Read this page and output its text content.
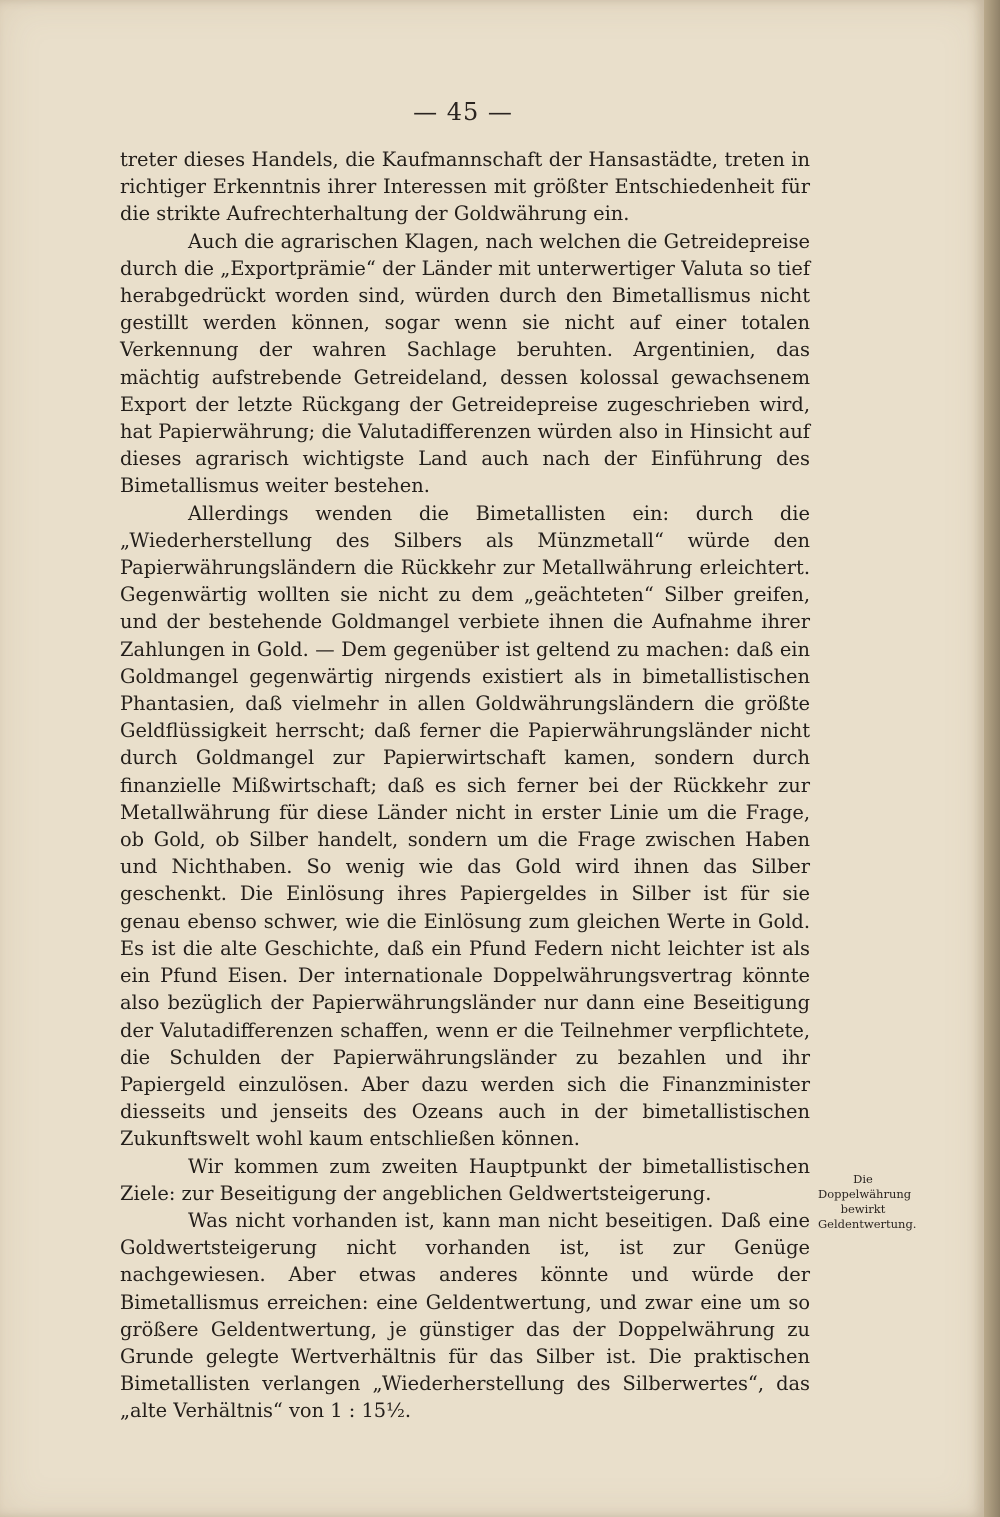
— 45 —

treter dieses Handels, die Kaufmannschaft der Hansastädte, treten in richtiger Erkenntnis ihrer Interessen mit größter Entschiedenheit für die strikte Aufrechterhaltung der Goldwährung ein.

Auch die agrarischen Klagen, nach welchen die Getreidepreise durch die „Exportprämie“ der Länder mit unterwertiger Valuta so tief herabgedrückt worden sind, würden durch den Bimetallismus nicht gestillt werden können, sogar wenn sie nicht auf einer totalen Verkennung der wahren Sachlage beruhten. Argentinien, das mächtig aufstrebende Getreideland, dessen kolossal gewachsenem Export der letzte Rückgang der Getreidepreise zugeschrieben wird, hat Papierwährung; die Valutadifferenzen würden also in Hinsicht auf dieses agrarisch wichtigste Land auch nach der Einführung des Bimetallismus weiter bestehen.

Allerdings wenden die Bimetallisten ein: durch die „Wiederherstellung des Silbers als Münzmetall“ würde den Papierwährungsländern die Rückkehr zur Metallwährung erleichtert. Gegenwärtig wollten sie nicht zu dem „geächteten“ Silber greifen, und der bestehende Goldmangel verbiete ihnen die Aufnahme ihrer Zahlungen in Gold. — Dem gegenüber ist geltend zu machen: daß ein Goldmangel gegenwärtig nirgends existiert als in bimetallistischen Phantasien, daß vielmehr in allen Goldwährungsländern die größte Geldflüssigkeit herrscht; daß ferner die Papierwährungsländer nicht durch Goldmangel zur Papierwirtschaft kamen, sondern durch finanzielle Mißwirtschaft; daß es sich ferner bei der Rückkehr zur Metallwährung für diese Länder nicht in erster Linie um die Frage, ob Gold, ob Silber handelt, sondern um die Frage zwischen Haben und Nichthaben. So wenig wie das Gold wird ihnen das Silber geschenkt. Die Einlösung ihres Papiergeldes in Silber ist für sie genau ebenso schwer, wie die Einlösung zum gleichen Werte in Gold. Es ist die alte Geschichte, daß ein Pfund Federn nicht leichter ist als ein Pfund Eisen. Der internationale Doppelwährungsvertrag könnte also bezüglich der Papierwährungsländer nur dann eine Beseitigung der Valutadifferenzen schaffen, wenn er die Teilnehmer verpflichtete, die Schulden der Papierwährungsländer zu bezahlen und ihr Papiergeld einzulösen. Aber dazu werden sich die Finanzminister diesseits und jenseits des Ozeans auch in der bimetallistischen Zukunftswelt wohl kaum entschließen können.

Wir kommen zum zweiten Hauptpunkt der bimetallistischen Ziele: zur Beseitigung der angeblichen Geldwertsteigerung.

Was nicht vorhanden ist, kann man nicht beseitigen. Daß eine Goldwertsteigerung nicht vorhanden ist, ist zur Genüge nachgewiesen. Aber etwas anderes könnte und würde der Bimetallismus erreichen: eine Geldentwertung, und zwar eine um so größere Geldentwertung, je günstiger das der Doppelwährung zu Grunde gelegte Wertverhältnis für das Silber ist. Die praktischen Bimetallisten verlangen „Wiederherstellung des Silberwertes“, das „alte Verhältnis“ von 1 : 15½.

Die Doppelwährung bewirkt Geldentwertung.
